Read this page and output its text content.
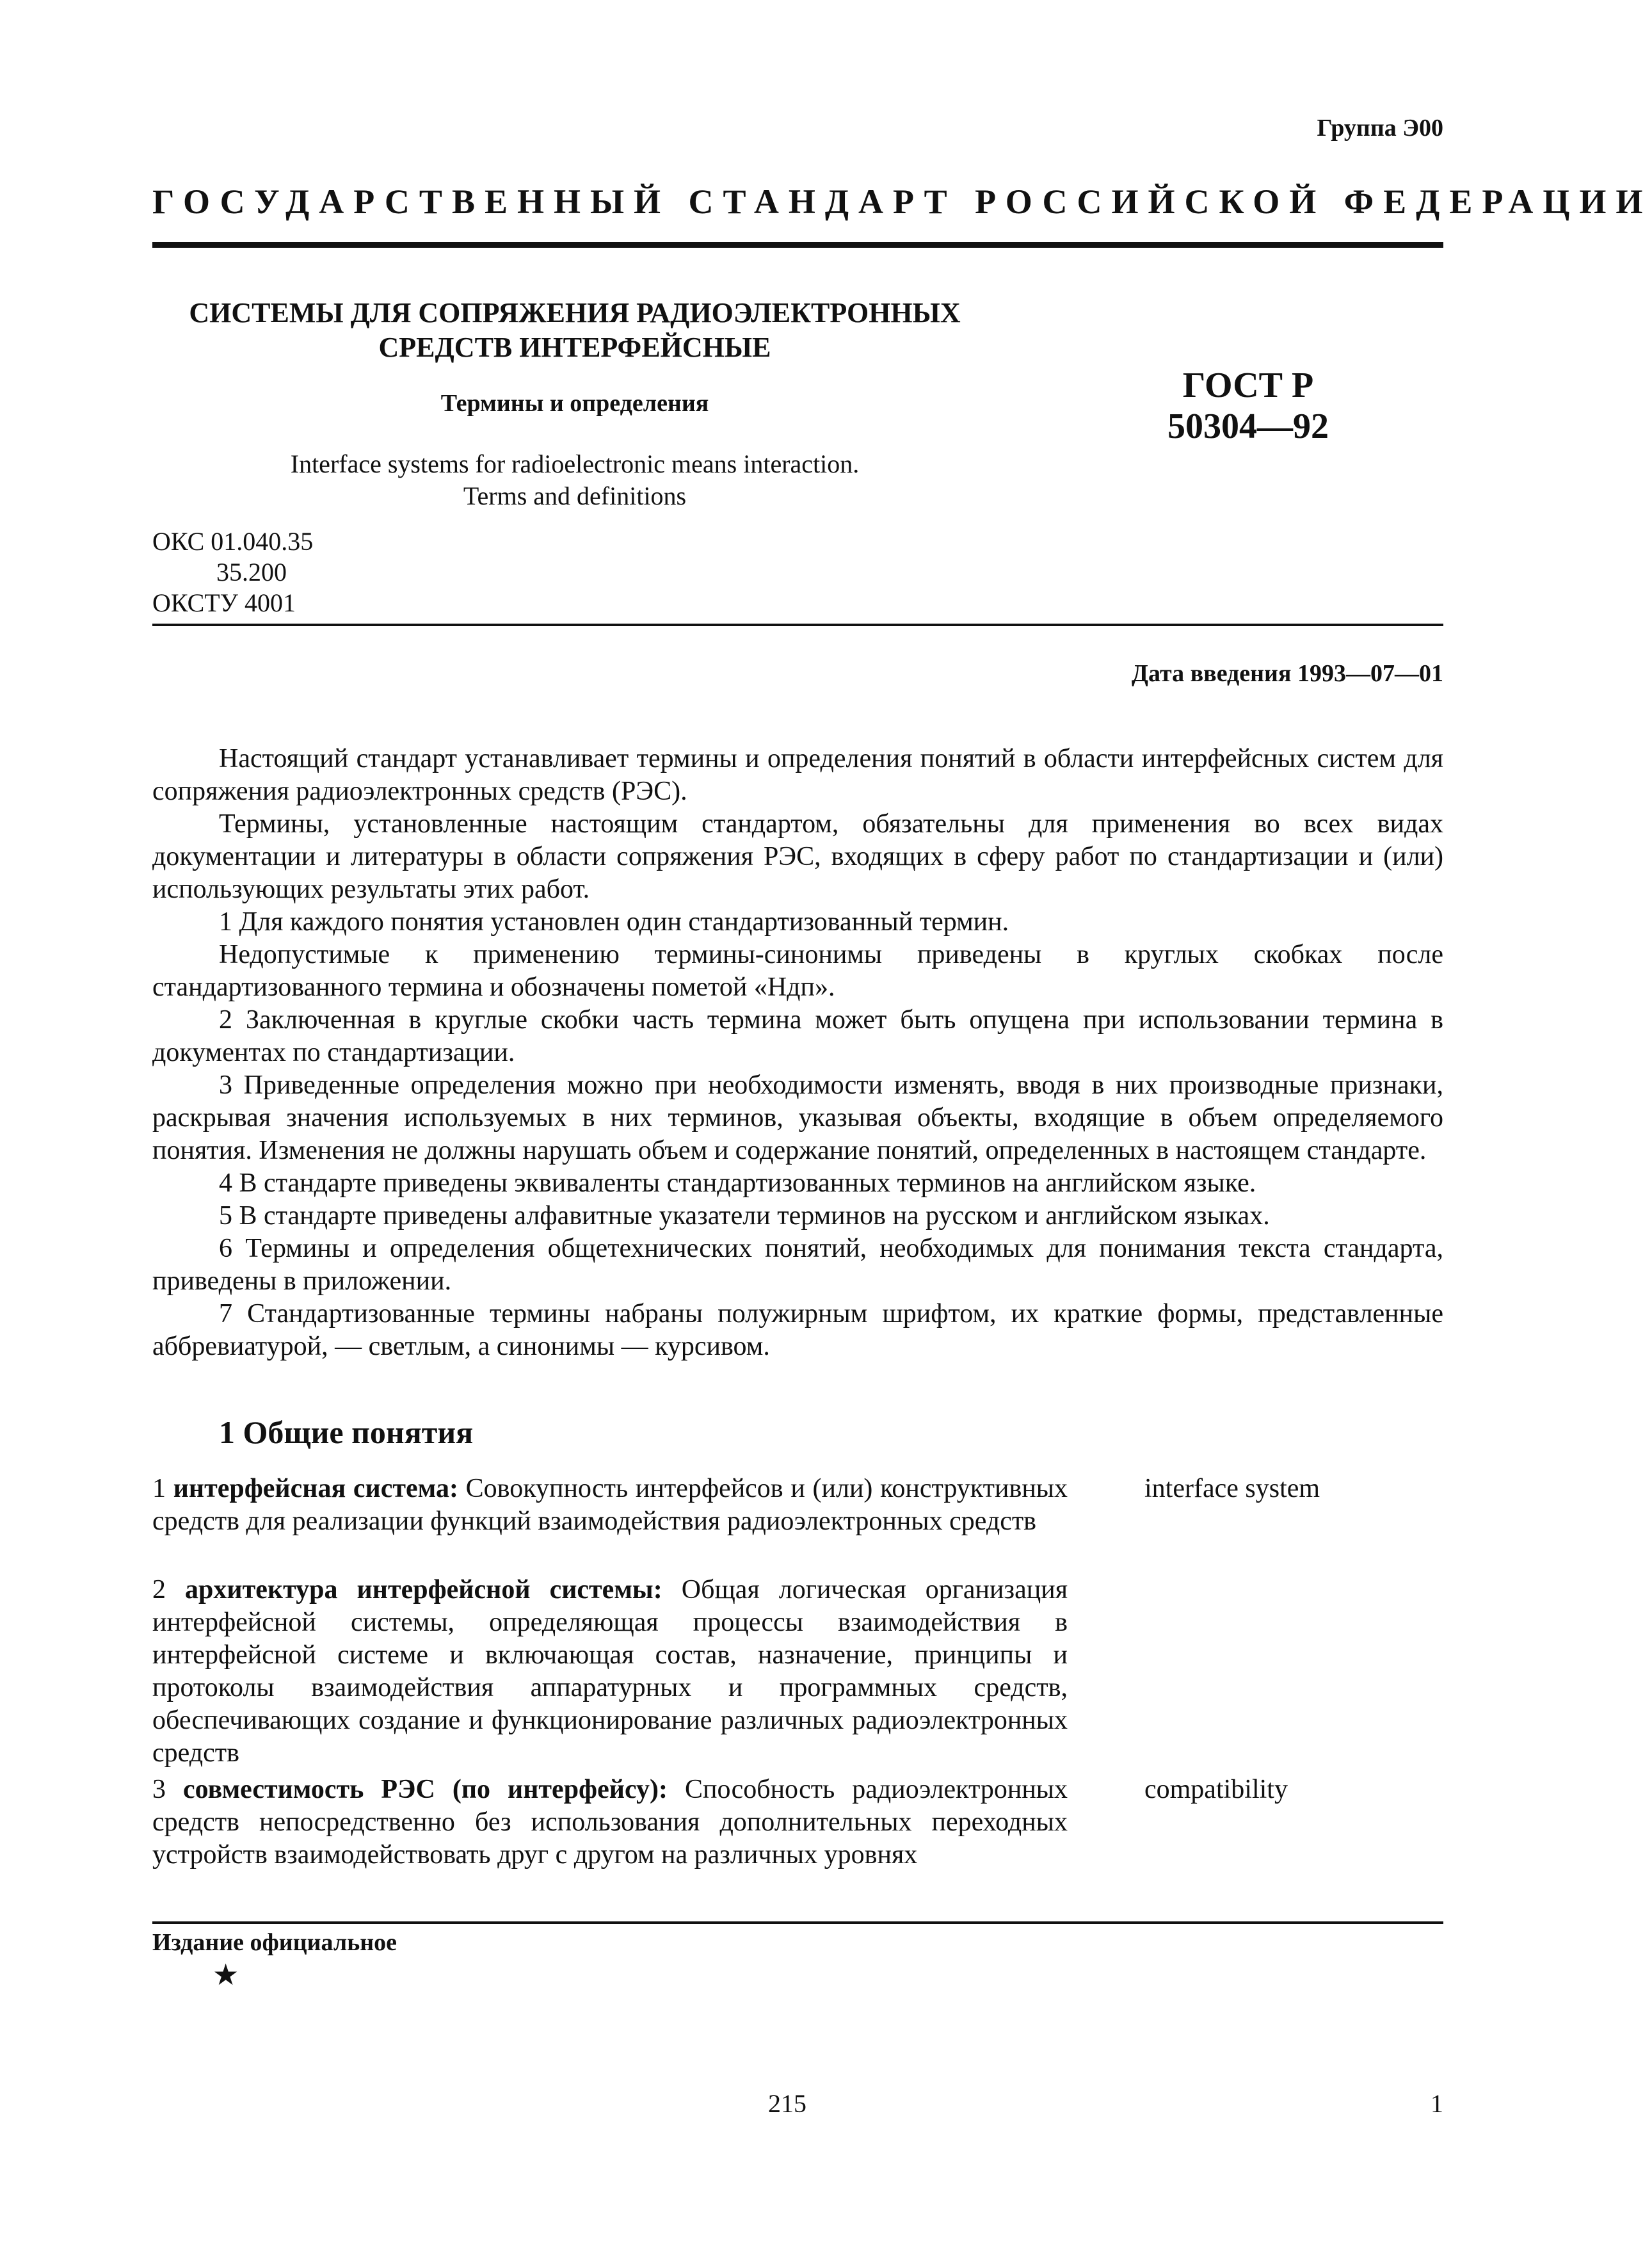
Группа Э00
ГОСУДАРСТВЕННЫЙ СТАНДАРТ РОССИЙСКОЙ ФЕДЕРАЦИИ
СИСТЕМЫ ДЛЯ СОПРЯЖЕНИЯ РАДИОЭЛЕКТРОННЫХ
СРЕДСТВ ИНТЕРФЕЙСНЫЕ
Термины и определения
Interface systems for radioelectronic means interaction.
Terms and definitions
ГОСТ Р
50304—92
ОКС 01.040.35
35.200
ОКСТУ 4001
Дата введения 1993—07—01

Настоящий стандарт устанавливает термины и определения понятий в области интерфейсных систем для сопряжения радиоэлектронных средств (РЭС).

Термины, установленные настоящим стандартом, обязательны для применения во всех видах документации и литературы в области сопряжения РЭС, входящих в сферу работ по стандартизации и (или) использующих результаты этих работ.

1 Для каждого понятия установлен один стандартизованный термин.

Недопустимые к применению термины-синонимы приведены в круглых скобках после стандартизованного термина и обозначены пометой «Ндп».

2 Заключенная в круглые скобки часть термина может быть опущена при использовании термина в документах по стандартизации.

3 Приведенные определения можно при необходимости изменять, вводя в них производные признаки, раскрывая значения используемых в них терминов, указывая объекты, входящие в объем определяемого понятия. Изменения не должны нарушать объем и содержание понятий, определенных в настоящем стандарте.

4 В стандарте приведены эквиваленты стандартизованных терминов на английском языке.

5 В стандарте приведены алфавитные указатели терминов на русском и английском языках.

6 Термины и определения общетехнических понятий, необходимых для понимания текста стандарта, приведены в приложении.

7 Стандартизованные термины набраны полужирным шрифтом, их краткие формы, представленные аббревиатурой, — светлым, а синонимы — курсивом.

1 Общие понятия
1 интерфейсная система: Совокупность интерфейсов и (или) конструктивных средств для реализации функций взаимодействия радиоэлектронных средств
interface system
2 архитектура интерфейсной системы: Общая логическая организация интерфейсной системы, определяющая процессы взаимодействия в интерфейсной системе и включающая состав, назначение, принципы и протоколы взаимодействия аппаратурных и программных средств, обеспечивающих создание и функционирование различных радиоэлектронных средств
3 совместимость РЭС (по интерфейсу): Способность радиоэлектронных средств непосредственно без использования дополнительных переходных устройств взаимодействовать друг с другом на различных уровнях
compatibility
Издание официальное
★
215	1
